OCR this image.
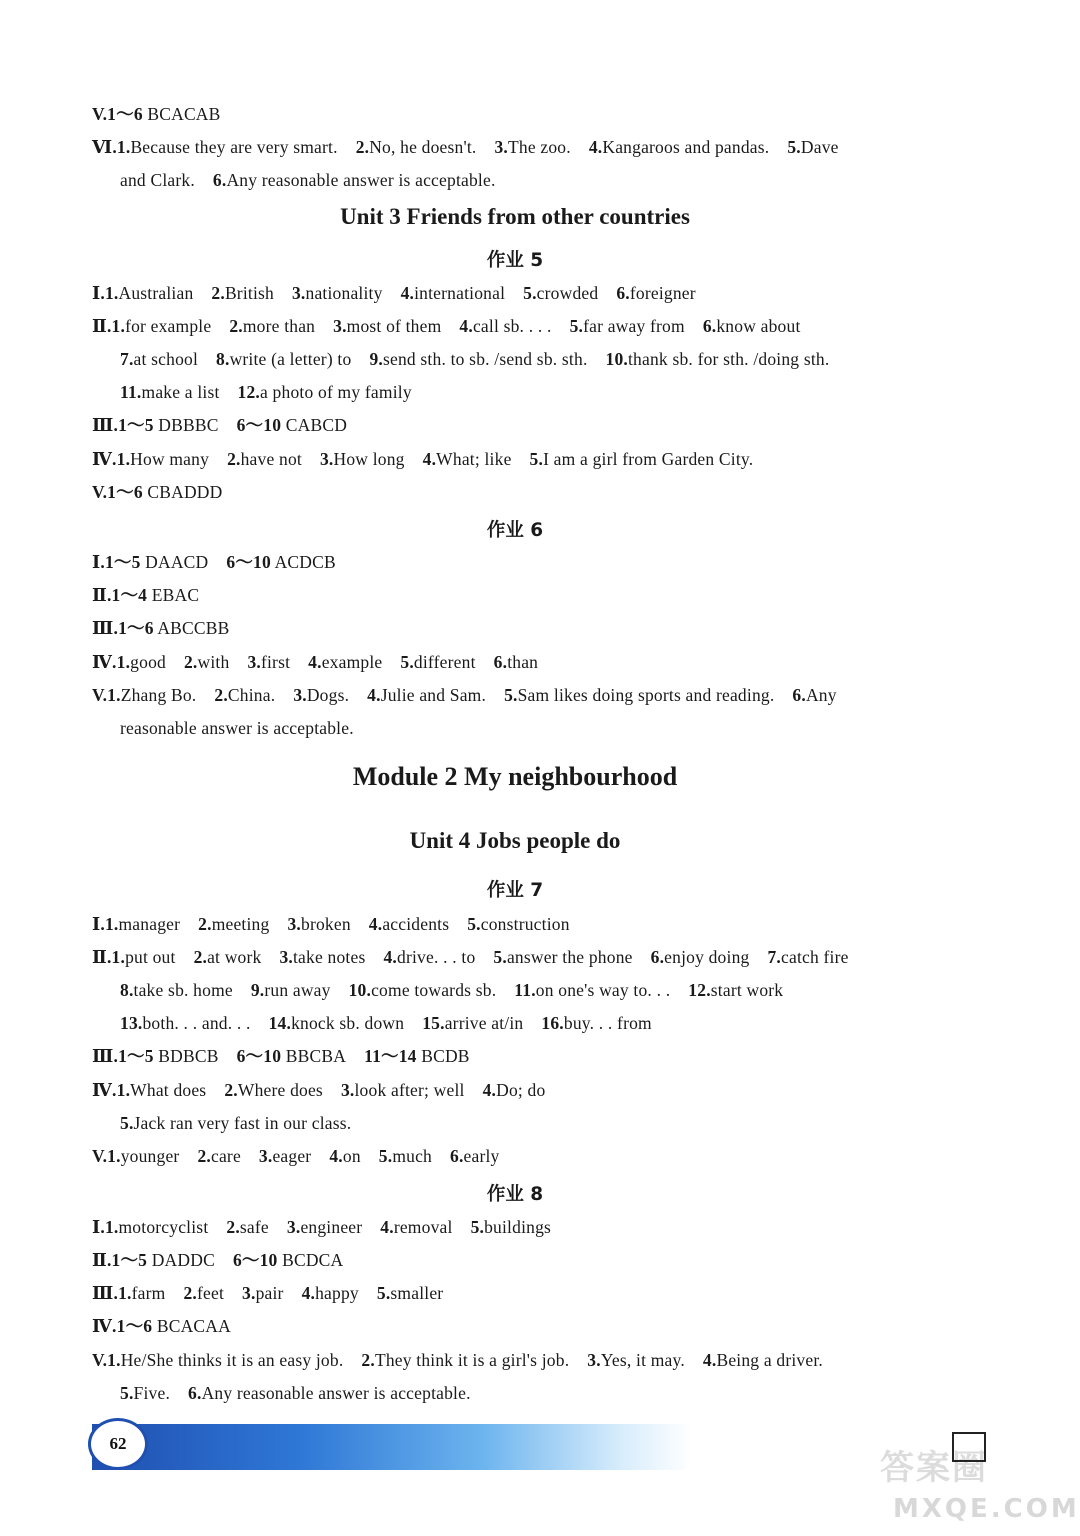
V.1～6 BCACAB
Ⅵ.1.Because they are very smart. 2.No, he doesn't. 3.The zoo. 4.Kangaroos and pandas. 5.Dave
and Clark. 6.Any reasonable answer is acceptable.
Unit 3 Friends from other countries
作业 5
Ⅰ.1.Australian 2.British 3.nationality 4.international 5.crowded 6.foreigner
Ⅱ.1.for example 2.more than 3.most of them 4.call sb. . . . 5.far away from 6.know about
7.at school 8.write (a letter) to 9.send sth. to sb. /send sb. sth. 10.thank sb. for sth. /doing sth.
11.make a list 12.a photo of my family
Ⅲ.1～5 DBBBC 6～10 CABCD
Ⅳ.1.How many 2.have not 3.How long 4.What; like 5.I am a girl from Garden City.
V.1～6 CBADDD
作业 6
Ⅰ.1～5 DAACD 6～10 ACDCB
Ⅱ.1～4 EBAC
Ⅲ.1～6 ABCCBB
Ⅳ.1.good 2.with 3.first 4.example 5.different 6.than
V.1.Zhang Bo. 2.China. 3.Dogs. 4.Julie and Sam. 5.Sam likes doing sports and reading. 6.Any
reasonable answer is acceptable.
Module 2 My neighbourhood
Unit 4 Jobs people do
作业 7
Ⅰ.1.manager 2.meeting 3.broken 4.accidents 5.construction
Ⅱ.1.put out 2.at work 3.take notes 4.drive. . . to 5.answer the phone 6.enjoy doing 7.catch fire
8.take sb. home 9.run away 10.come towards sb. 11.on one's way to. . . 12.start work
13.both. . . and. . . 14.knock sb. down 15.arrive at/in 16.buy. . . from
Ⅲ.1～5 BDBCB 6～10 BBCBA 11～14 BCDB
Ⅳ.1.What does 2.Where does 3.look after; well 4.Do; do
5.Jack ran very fast in our class.
V.1.younger 2.care 3.eager 4.on 5.much 6.early
作业 8
Ⅰ.1.motorcyclist 2.safe 3.engineer 4.removal 5.buildings
Ⅱ.1～5 DADDC 6～10 BCDCA
Ⅲ.1.farm 2.feet 3.pair 4.happy 5.smaller
Ⅳ.1～6 BCACAA
V.1.He/She thinks it is an easy job. 2.They think it is a girl's job. 3.Yes, it may. 4.Being a driver.
5.Five. 6.Any reasonable answer is acceptable.
62
答案圈
MXQE.COM
